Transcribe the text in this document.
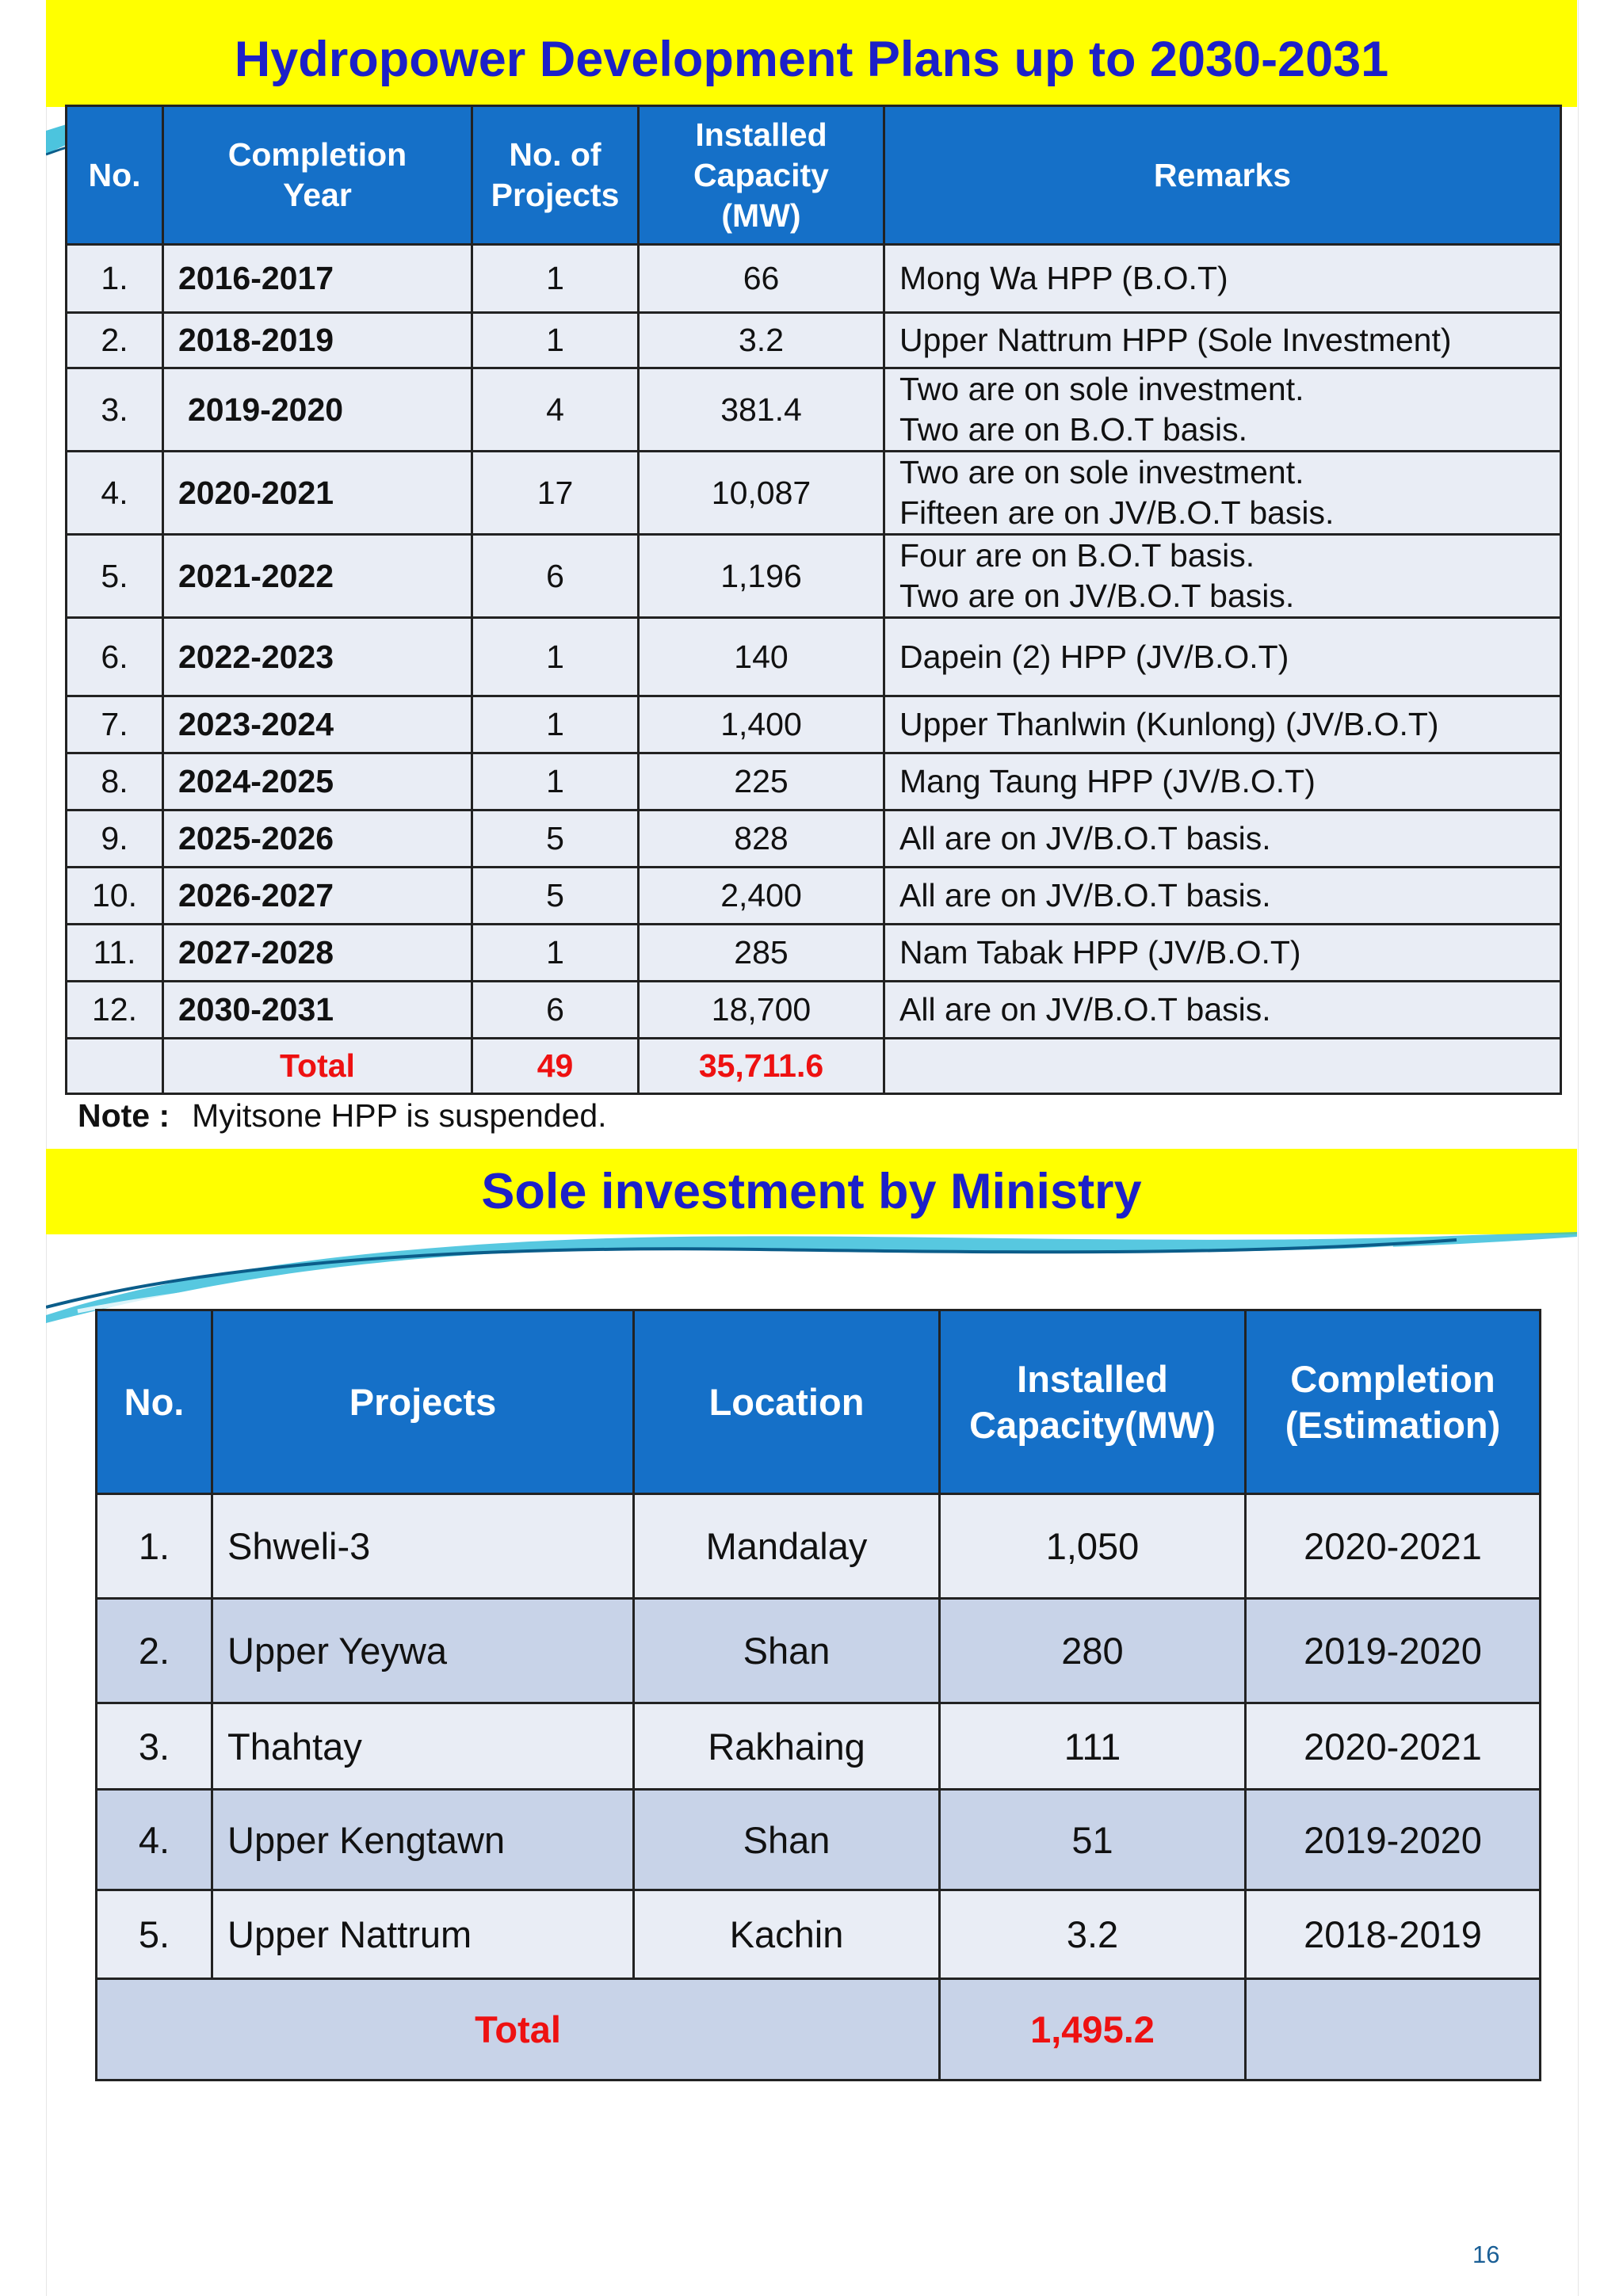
Hydropower Development Plans up to 2030-2031
No.	Completion Year	No. of Projects	Installed Capacity (MW)	Remarks
1.	2016-2017	1	66	Mong Wa HPP (B.O.T)

2.	2018-2019	1	3.2	Upper Nattrum HPP (Sole Investment)

3.	2019-2020	4	381.4	Two are on sole investment.
Two are on B.O.T basis.

4.	2020-2021	17	10,087	Two are on sole investment.
Fifteen are on JV/B.O.T basis.

5.	2021-2022	6	1,196	Four are on B.O.T basis.
Two are on JV/B.O.T basis.

6.	2022-2023	1	140	Dapein (2) HPP (JV/B.O.T)

7.	2023-2024	1	1,400	Upper Thanlwin (Kunlong) (JV/B.O.T)

8.	2024-2025	1	225	Mang Taung HPP (JV/B.O.T)

9.	2025-2026	5	828	All are on JV/B.O.T basis.

10.	2026-2027	5	2,400	All are on JV/B.O.T basis.

11.	2027-2028	1	285	Nam Tabak HPP (JV/B.O.T)

12.	2030-2031	6	18,700	All are on JV/B.O.T basis.

	Total	49	35,711.6	
Note : Myitsone HPP is suspended.
Sole investment by Ministry
No.	Projects	Location	Installed Capacity(MW)	Completion (Estimation)
1.	Shweli-3	Mandalay	1,050	2020-2021
2.	Upper Yeywa	Shan	280	2019-2020
3.	Thahtay	Rakhaing	111	2020-2021
4.	Upper Kengtawn	Shan	51	2019-2020
5.	Upper Nattrum	Kachin	3.2	2018-2019
Total			1,495.2	
16
